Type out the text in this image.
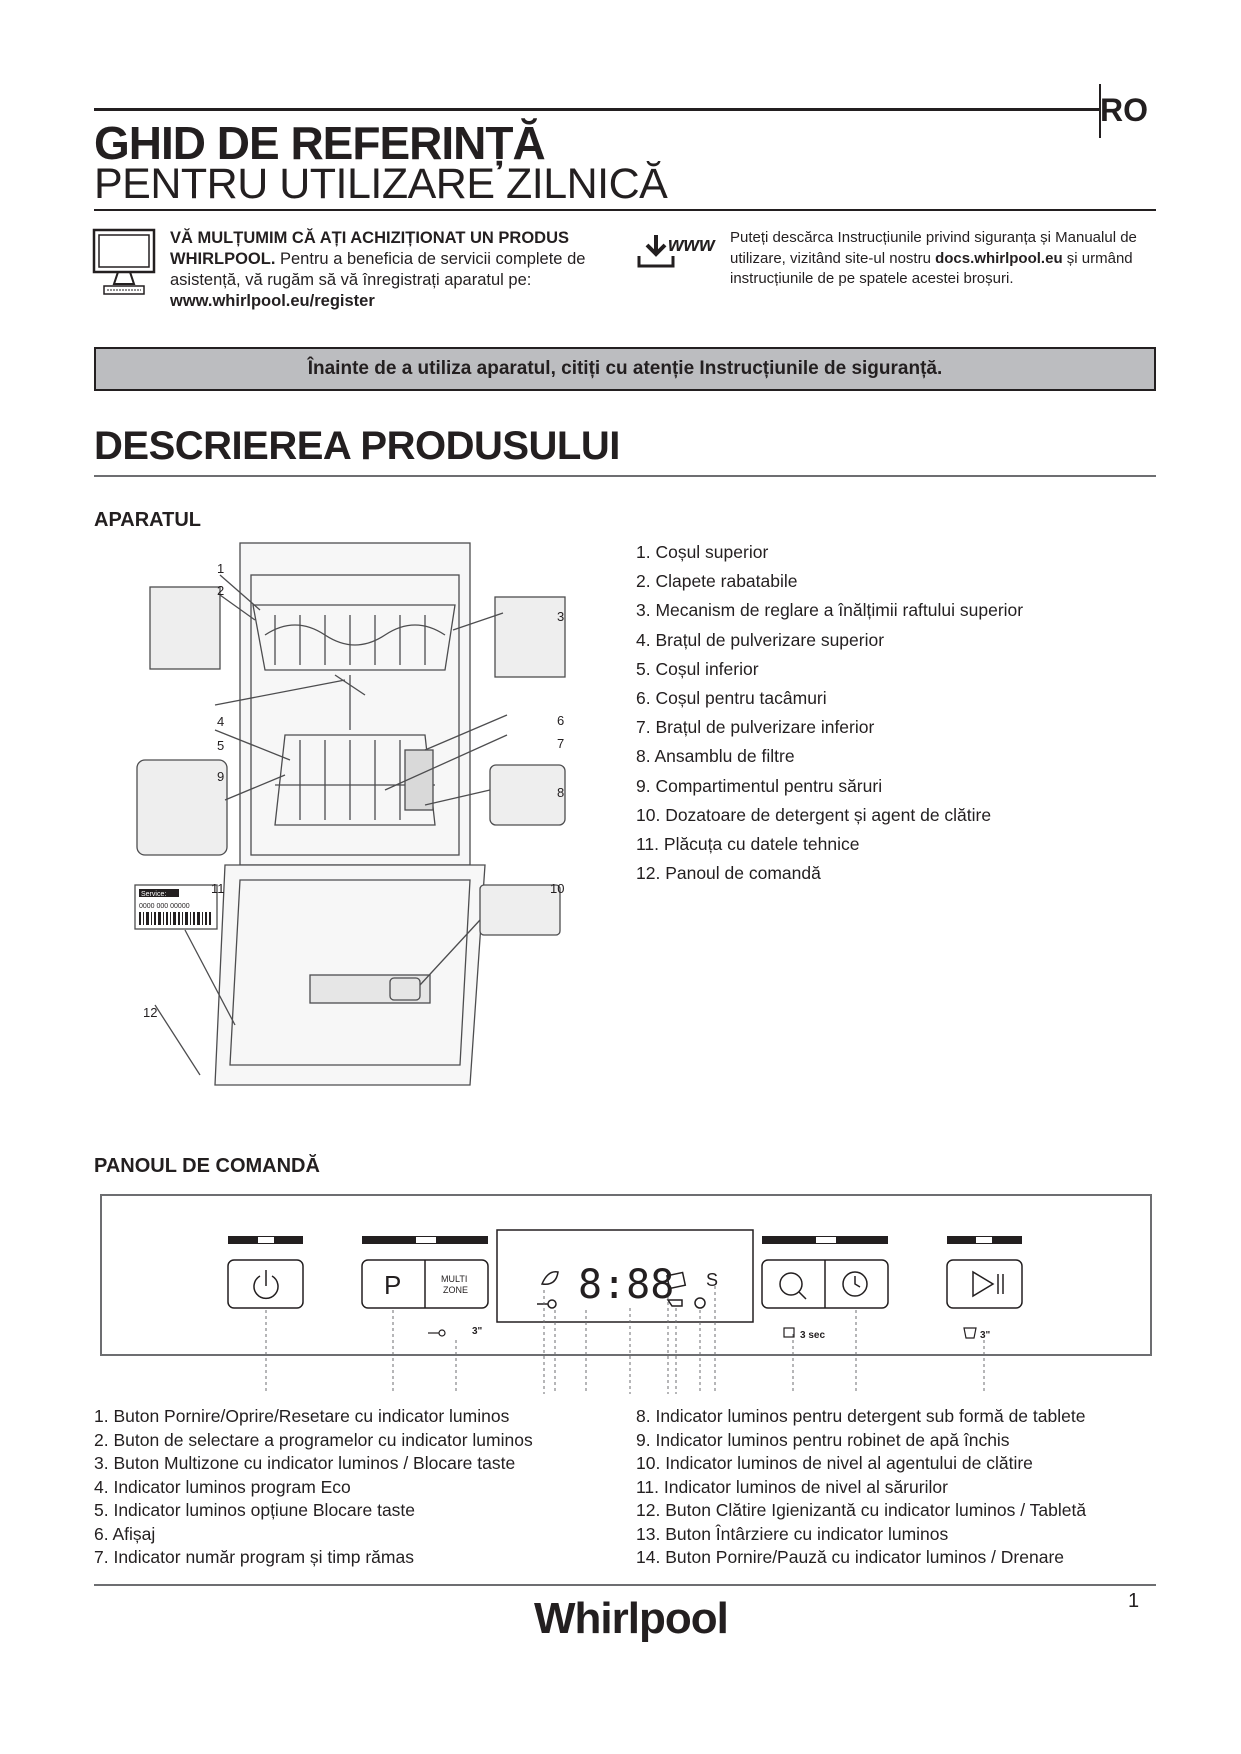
RO
GHID DE REFERINȚĂ
PENTRU UTILIZARE ZILNICĂ
VĂ MULȚUMIM CĂ AȚI ACHIZIȚIONAT UN PRODUS WHIRLPOOL. Pentru a beneficia de servicii complete de asistență, vă rugăm să vă înregistrați aparatul pe: www.whirlpool.eu/register
www Puteți descărca Instrucțiunile privind siguranța și Manualul de utilizare, vizitând site-ul nostru docs.whirlpool.eu și urmând instrucțiunile de pe spatele acestei broșuri.
Înainte de a utiliza aparatul, citiți cu atenție Instrucțiunile de siguranță.
DESCRIEREA PRODUSULUI
APARATUL
Service:
0000 000 00000
1
2
3
4
5
6
7
8
9
10
11
12
1. Coșul superior
2. Clapete rabatabile
3. Mecanism de reglare a înălțimii raftului superior
4. Brațul de pulverizare superior
5. Coșul inferior
6. Coșul pentru tacâmuri
7. Brațul de pulverizare inferior
8. Ansamblu de filtre
9. Compartimentul pentru săruri
10. Dozatoare de detergent și agent de clătire
11. Plăcuța cu datele tehnice
12. Panoul de comandă
PANOUL DE COMANDĂ
P	MULTI
ZONE
3"
8:88 S
3 sec	3"
1. Buton Pornire/Oprire/Resetare cu indicator luminos
2. Buton de selectare a programelor cu indicator luminos
3. Buton Multizone cu indicator luminos / Blocare taste
4. Indicator luminos program Eco
5. Indicator luminos opțiune Blocare taste
6. Afișaj
7. Indicator număr program și timp rămas
8. Indicator luminos pentru detergent sub formă de tablete
9. Indicator luminos pentru robinet de apă închis
10. Indicator luminos de nivel al agentului de clătire
11. Indicator luminos de nivel al sărurilor
12. Buton Clătire Igienizantă cu indicator luminos / Tabletă
13. Buton Întârziere cu indicator luminos
14. Buton Pornire/Pauză cu indicator luminos / Drenare
Whirlpool	1
